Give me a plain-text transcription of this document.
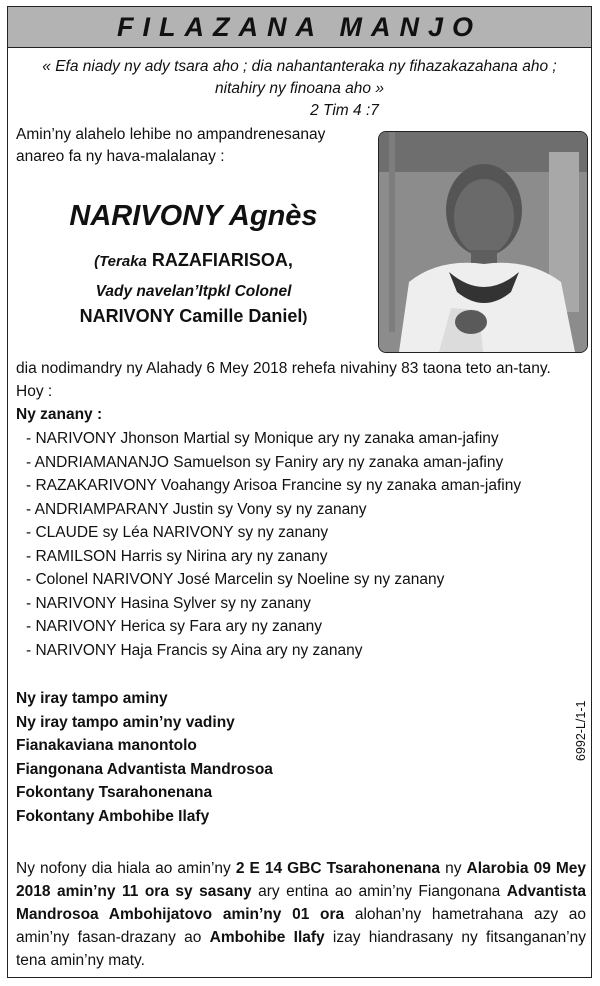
FILAZANA MANJO
« Efa niady ny ady tsara aho ; dia nahantanteraka ny fihazakazahana aho ;
nitahiry ny finoana aho »
2 Tim 4 :7
Amin’ny alahelo lehibe no ampandrenesanay
anareo fa ny hava-malalanay :
NARIVONY Agnès
(Teraka RAZAFIARISOA,
Vady navelan’Itpkl Colonel
NARIVONY Camille Daniel)
dia nodimandry ny Alahady 6 Mey 2018 rehefa nivahiny 83 taona teto an-tany.
Hoy :
Ny zanany :
- NARIVONY Jhonson Martial sy Monique ary ny zanaka aman-jafiny
- ANDRIAMANANJO Samuelson sy Faniry ary ny zanaka aman-jafiny
- RAZAKARIVONY Voahangy Arisoa Francine sy ny zanaka aman-jafiny
- ANDRIAMPARANY Justin sy Vony sy ny zanany
- CLAUDE sy Léa NARIVONY sy ny zanany
- RAMILSON Harris sy Nirina ary ny zanany
- Colonel NARIVONY José Marcelin sy Noeline sy ny zanany
- NARIVONY Hasina Sylver sy ny zanany
- NARIVONY Herica sy Fara ary ny zanany
- NARIVONY Haja Francis sy Aina ary ny zanany
Ny iray tampo aminy
Ny iray tampo amin’ny vadiny
Fianakaviana manontolo
Fiangonana Advantista Mandrosoa
Fokontany Tsarahonenana
Fokontany Ambohibe Ilafy
Ny nofony dia hiala ao amin’ny 2 E 14 GBC Tsarahonenana ny Alarobia 09 Mey 2018 amin’ny 11 ora sy sasany ary entina ao amin’ny Fiangonana Advantista Mandrosoa Ambohijatovo amin’ny 01 ora alohan’ny hametrahana azy ao amin’ny fasan-drazany ao Ambohibe Ilafy izay hiandrasany ny fitsanganan’ny tena amin’ny maty.
6992-L/1-1
